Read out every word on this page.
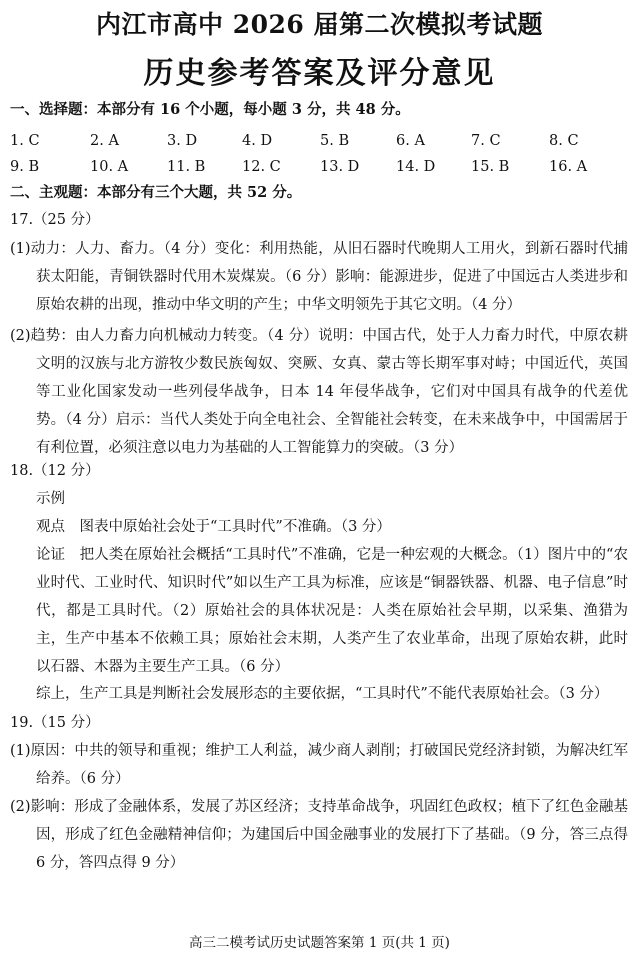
内江市高中 2026 届第二次模拟考试题
历史参考答案及评分意见
一、选择题：本部分有 16 个小题，每小题 3 分，共 48 分。
1. C	2. A	3. D	4. D	5. B	6. A	7. C	8. C
9. B	10. A	11. B	12. C	13. D	14. D 15. B	16. A
二、主观题：本部分有三个大题，共 52 分。
17.（25 分）
(1)动力：人力、畜力。（4 分）变化：利用热能，从旧石器时代晚期人工用火，到新石器时代捕获太阳能，青铜铁器时代用木炭煤炭。（6 分）影响：能源进步，促进了中国远古人类进步和原始农耕的出现，推动中华文明的产生；中华文明领先于其它文明。（4 分）
(2)趋势：由人力畜力向机械动力转变。（4 分）说明：中国古代，处于人力畜力时代，中原农耕文明的汉族与北方游牧少数民族匈奴、突厥、女真、蒙古等长期军事对峙；中国近代，英国等工业化国家发动一些列侵华战争，日本 14 年侵华战争，它们对中国具有战争的代差优势。（4 分）启示：当代人类处于向全电社会、全智能社会转变，在未来战争中，中国需居于有利位置，必须注意以电力为基础的人工智能算力的突破。（3 分）
18.（12 分）
示例
观点　图表中原始社会处于“工具时代”不准确。（3 分）
论证　把人类在原始社会概括“工具时代”不准确，它是一种宏观的大概念。（1）图片中的“农业时代、工业时代、知识时代”如以生产工具为标准，应该是“铜器铁器、机器、电子信息”时代，都是工具时代。（2）原始社会的具体状况是：人类在原始社会早期，以采集、渔猎为主，生产中基本不依赖工具；原始社会末期，人类产生了农业革命，出现了原始农耕，此时以石器、木器为主要生产工具。（6 分）
综上，生产工具是判断社会发展形态的主要依据，“工具时代”不能代表原始社会。（3 分）
19.（15 分）
(1)原因：中共的领导和重视；维护工人利益，减少商人剥削；打破国民党经济封锁，为解决红军给养。（6 分）
(2)影响：形成了金融体系，发展了苏区经济；支持革命战争，巩固红色政权；植下了红色金融基因，形成了红色金融精神信仰；为建国后中国金融事业的发展打下了基础。（9 分，答三点得 6 分，答四点得 9 分）
高三二模考试历史试题答案第 1 页(共 1 页)
